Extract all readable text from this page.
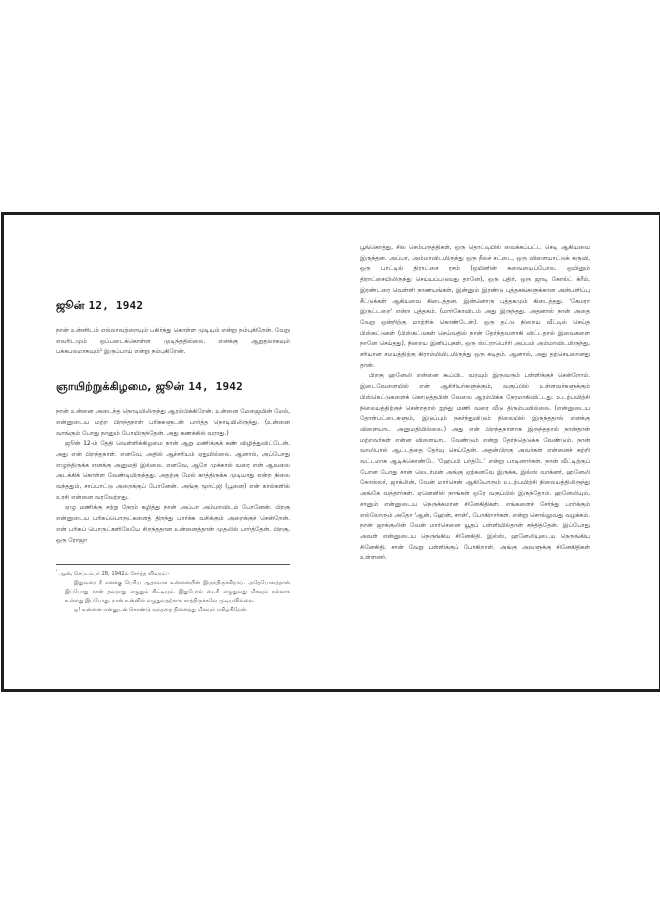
ஜூன் 12, 1942

நான் உன்னிடம் எல்லாவற்றையும் பகிர்ந்து கொள்ள முடியும் என்று நம்புகிறேன். வேறு எவரிடமும் ஒப்படைக்கொள்ள முடிந்ததில்லை. எனக்கு ஆறுதலாகவும் பக்கபலமாகவும்¹ இருப்பாய் என்று நம்புகிறேன்.

ஞாயிற்றுக்கிழமை, ஜூன் 14, 1942

நான் உன்னை அடைந்த நொடியிலிருந்து ஆரம்பிக்கிறேன். உன்னை மேஜையின் மேல், என்னுடைய மற்ற பிறந்தநாள் பரிசுகளுடன் பார்த்த நொடியிலிருந்து. (உன்னை வாங்கும் போது நானும் போயிருந்தேன். அது கணக்கில் வராது.)

ஜூன் 12-ம் தேதி வெள்ளிக்கிழமை நான் ஆறு மணிக்குக் கண் விழித்துவிட்டேன். அது என் பிறந்தநாள். எனவே, அதில் ஆச்சரியம் ஏதுமில்லை. ஆனால், அப்போது எழுந்திருக்க எனக்கு அனுமதி இல்லை. எனவே, ஆறே முக்கால் வரை என் ஆவலை அடக்கிக் கொள்ள வேண்டியிருந்தது. அதற்கு மேல் காத்திருக்க முடியாது என்ற நிலை வந்ததும், சாப்பாட்டு அறைக்குப் போனேன். அங்கு மூர்ட்ஜி (பூனை) என் கால்களில் உரசி என்னை வரவேற்றது.

ஏழு மணிக்கு சற்று நேரம் கழித்து நான் அப்பா அம்மாவிடம் போனேன். பிறகு என்னுடைய பரிசுப்பொருட்களைத் திறந்து பார்க்க வசிக்கும் அறைக்குச் சென்றேன். என் பரிசுப் பொருட்களிலேயே சிறந்ததான உன்னைத்தான் முதலில் பார்த்தேன். பிறகு, ஒரு ரோஜா

$^{^1}$ ஆன், செப்டம்பர் 28, 1942ல் சேர்த்த விவரம்:-

இதுவரை நீ எனக்கு பெரிய ஆதரவாக உன்னையின் இருந்திருக்கிறாய். அதேபோலத்தான் இப்போது நான் தவறாது எழுதும் கிட்டியும். இதுபோல் டைரி எழுதுவது மிகவும் நல்லாக உள்ளது இப்போது. நான் உன்னில் எழுதுவதற்காக காத்திருக்கவே முடியவில்லை.

ஓ! உன்னை என்னுடன் கொண்டு வந்ததை நினைத்து மிகவும் மகிழ்கிறேன்.

பூங்கொத்து, சில செம்பருத்திகள், ஒரு தொட்டியில் வைக்கப்பட்ட செடி ஆகியவை இருந்தன. அப்பா, அம்மாவிடமிருந்து ஒரு நீலச் சட்டை, ஒரு விளையாட்டுக் கருவி, ஒரு பாட்டில் திராட்சை ரசம் (ஒயினின் சுவையைப்போல. ஒயினும் திராட்சையிலிருந்து செய்யப்படுவது தானே), ஒரு புதிர், ஒரு ஜாடி கோல்ட் க்ரீம், இரண்டரை வெள்ளி நாணயங்கள், இன்னும் இரண்டு புத்தகங்களுக்கான அன்பளிப்பு சீட்டுக்கள் ஆகியவை கிடைத்தன. இன்னொரு புத்தகமும் கிடைத்தது. 'கேமரா இருட்டறை' என்ற புத்தகம். (மார்கோவிடம் அது இருந்தது. அதனால் நான் அதை வேறு ஒன்றிற்கு மாற்றிக் கொண்டேன்). ஒரு தட்டு நிறைய வீட்டில் செய்த பிஸ்கட்டுகள் (பிஸ்கட்டுகள் செய்வதில் நான் தேர்ந்தவளாகி விட்டதால் இவைகளை நானே செய்தது), நிறைய இனிப்புகள், ஒரு ஸ்ட்ராபெர்ரி அப்பம் அம்மாவிடமிருந்து, சரியான சமயத்திற்கு கிராம்மியிடமிருந்து ஒரு கடிதம். ஆனால், அது தற்செயலானது தான்.

பிறகு ஹனேலி என்னை கூப்பிட வரவும் இருவரும் பள்ளிக்குச் சென்றோம். இடைவேளையில் என் ஆசிரியர்களுக்கும், வகுப்பில் உள்ளவர்களுக்கும் பிஸ்கெட்டுகளைக் கொடுத்தபின் வேலை ஆரம்பிக்க நேரமாகிவிட்டது. உடற்பயிற்சி நிலையத்திற்குச் சென்றதால் ஐந்து மணி வரை வீடு திரும்பவில்லை. (என்னுடைய தோள்பட்டைகளும், இடுப்பும் நகர்ந்துவிடும் நிலையில் இருந்ததால் எனக்கு விளையாட அனுமதியில்லை.) அது என் பிறந்தநாளாக இருந்ததால் நான்தான் மற்றவர்கள் என்ன விளையாட வேண்டும் என்று தேர்ந்தெடுக்க வேண்டும். நான் வாலிபால் ஆட்டத்தை தேர்வு செய்தேன். அதன்பிறகு அவர்கள் என்னைச் சுற்றி வட்டமாக ஆடிக்கொண்டே 'ஹேப்பி பர்த்டே' என்று பாடினார்கள். நான் வீட்டிற்குப் போன போது சான் லெடர்மன் அங்கு ஏற்கனவே இருக்க, இல்ஸ் வாக்னர், ஹனேலி கோஸ்லர், ஜாக்லின், வேன் மார்சென் ஆகியோரும் உடற்பயிற்சி நிலையத்திலிருந்து அங்கே வந்தார்கள். ஏனெனில் நாங்கள் ஒரே வகுப்பில் இருந்தோம். ஹனேலியும், சானும் என்னுடைய நெருக்கமான சினேகிதிகள். எங்களைச் சேர்ந்து பார்க்கும் எல்லோரும் அதோ 'ஆன், ஹேன், சான்', போகிறார்கள். என்று சொல்லுவது வழக்கம். நான் ஜாக்குலின் வேன் மார்செனை யூதப் பள்ளியில்தான் சந்தித்தேன். இப்போது அவள் என்னுடைய நெருங்கிய சினேகிதி. இல்ஸ், ஹனேலியுடைய நெருங்கிய சினேகிதி. சான் வேறு பள்ளிக்குப் போகிறாள். அங்கு அவளுக்கு சினேகிதிகள் உள்ளனர்.
